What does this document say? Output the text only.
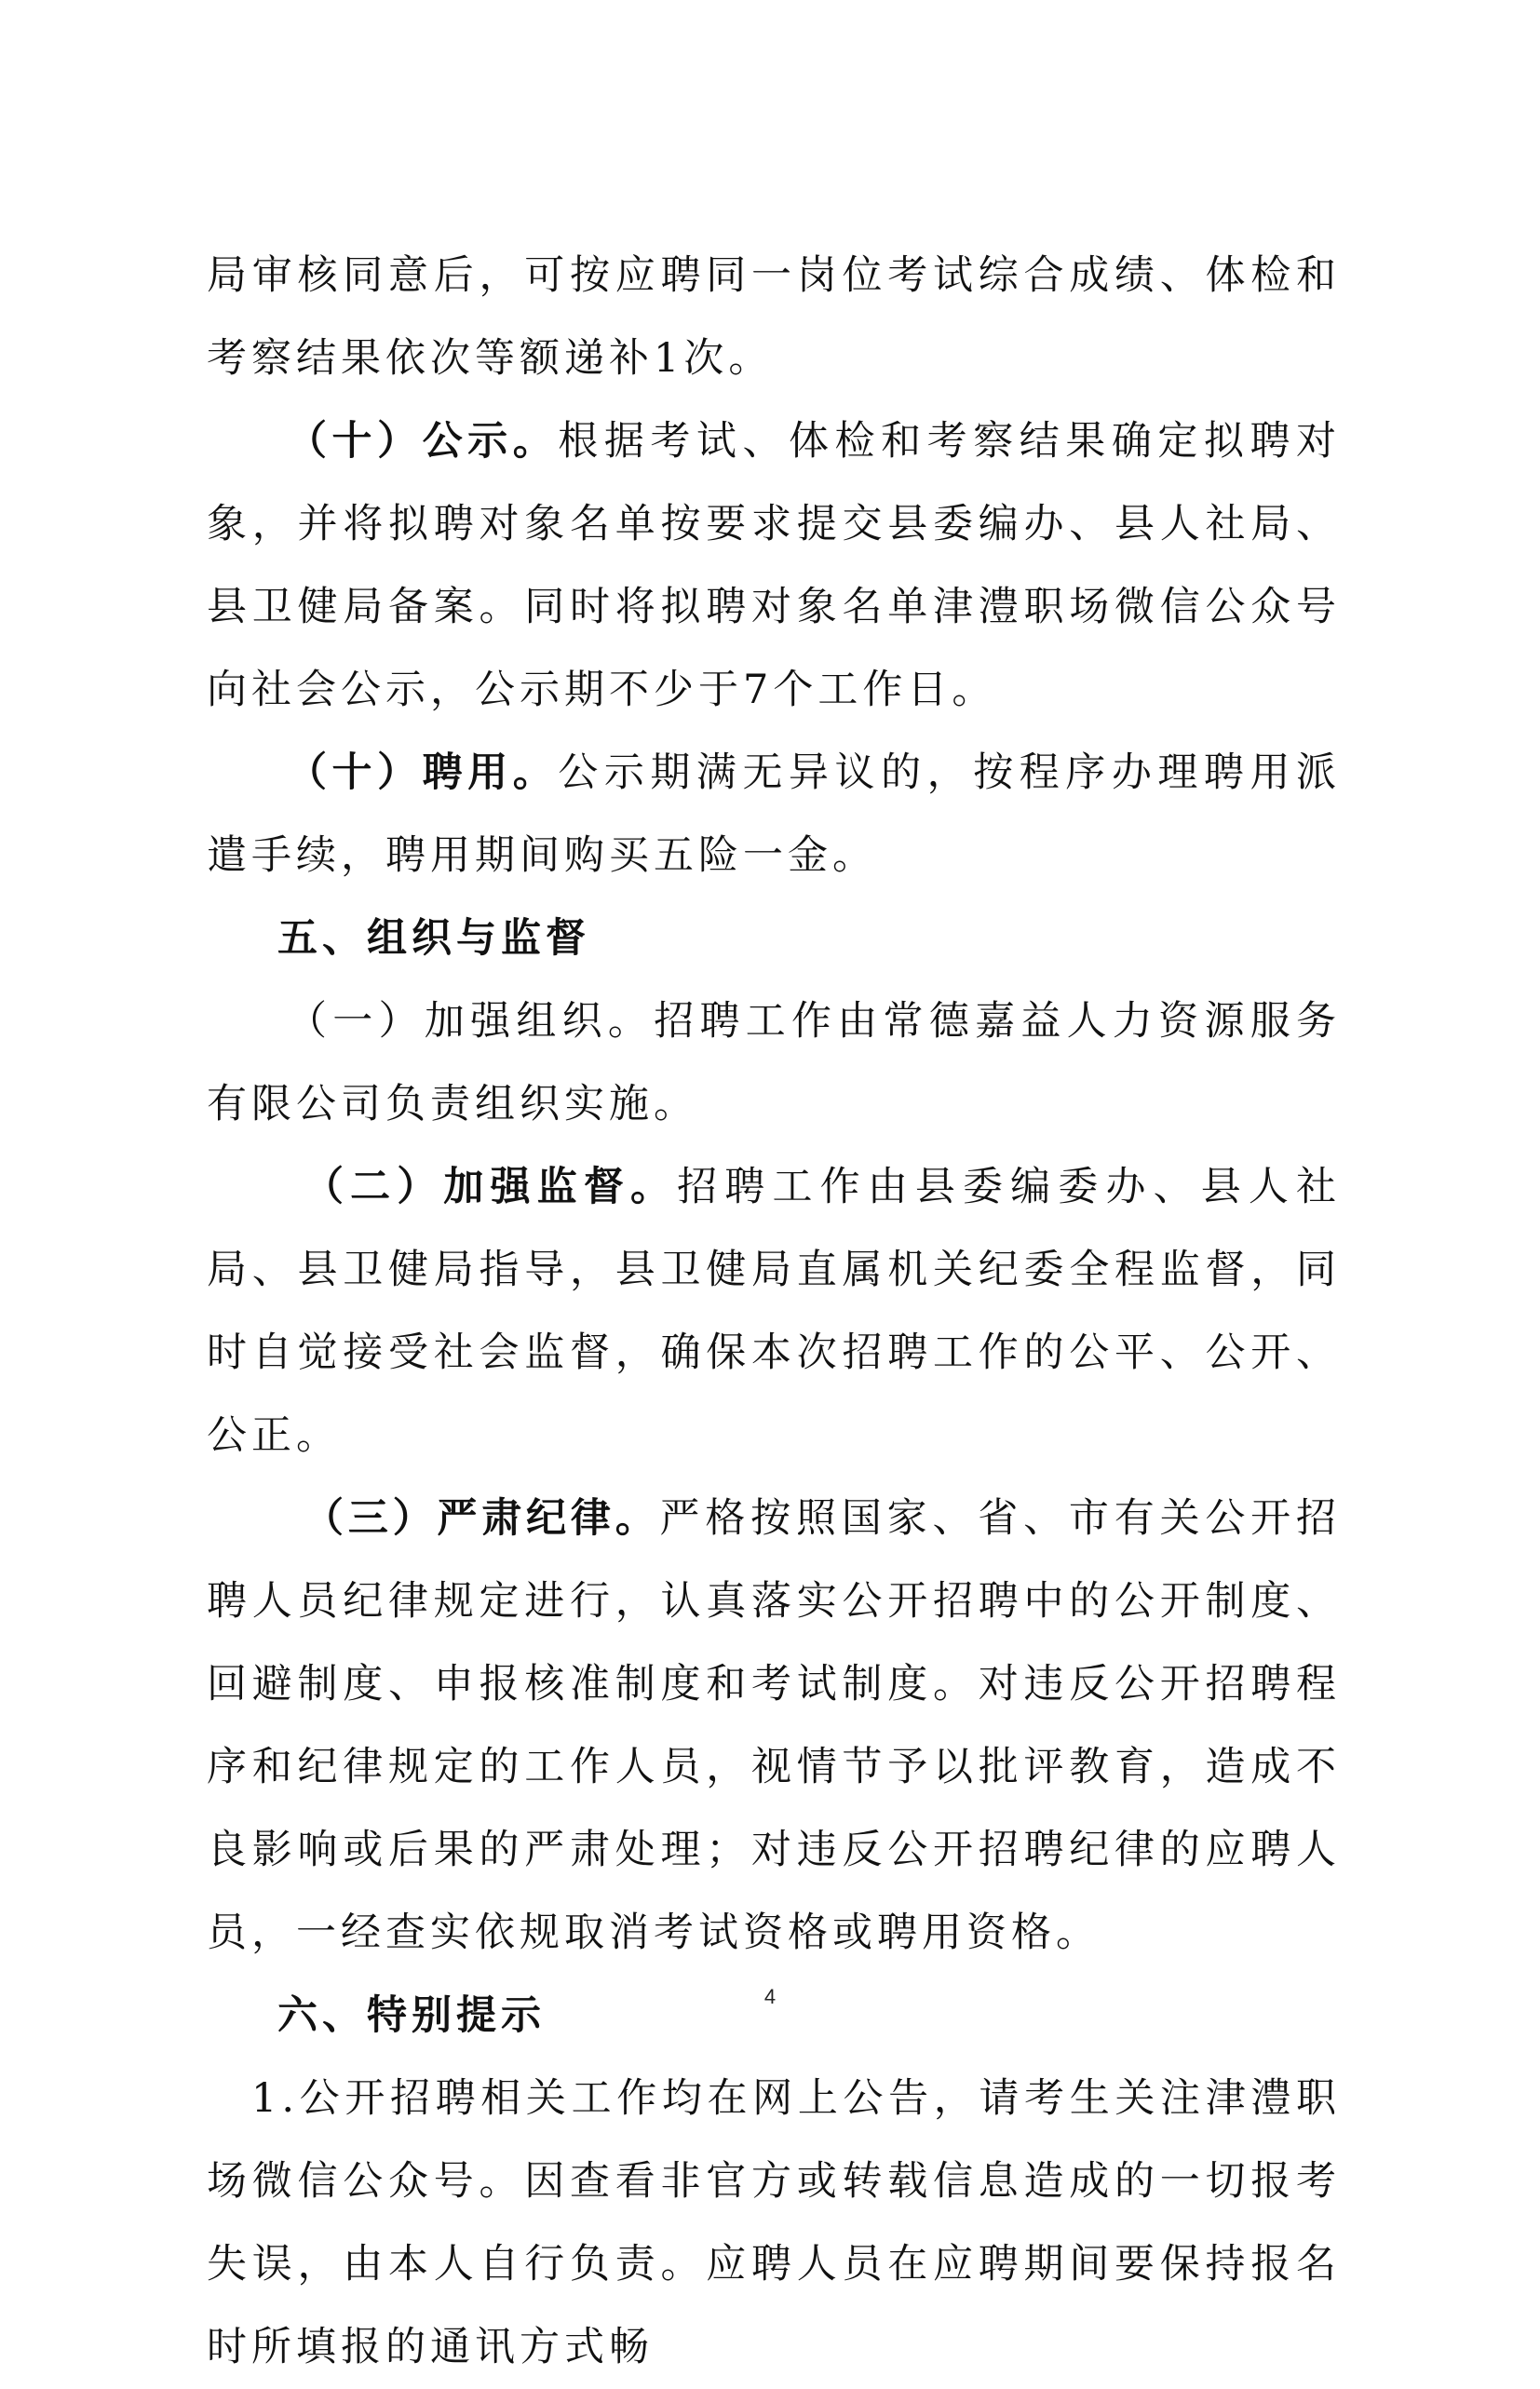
局审核同意后，可按应聘同一岗位考试综合成绩、体检和考察结果依次等额递补1次。

（十）公示。根据考试、体检和考察结果确定拟聘对象，并将拟聘对象名单按要求提交县委编办、县人社局、县卫健局备案。同时将拟聘对象名单津澧职场微信公众号向社会公示，公示期不少于7个工作日。

（十）聘用。公示期满无异议的，按程序办理聘用派遣手续，聘用期间购买五险一金。

五、组织与监督

（一）加强组织。招聘工作由常德嘉益人力资源服务有限公司负责组织实施。

（二）加强监督。招聘工作由县委编委办、县人社局、县卫健局指导，县卫健局直属机关纪委全程监督，同时自觉接受社会监督，确保本次招聘工作的公平、公开、公正。

（三）严肃纪律。严格按照国家、省、市有关公开招聘人员纪律规定进行，认真落实公开招聘中的公开制度、回避制度、申报核准制度和考试制度。对违反公开招聘程序和纪律规定的工作人员，视情节予以批评教育，造成不良影响或后果的严肃处理；对违反公开招聘纪律的应聘人员，一经查实依规取消考试资格或聘用资格。

六、特别提示

1.公开招聘相关工作均在网上公告，请考生关注津澧职场微信公众号。因查看非官方或转载信息造成的一切报考失误，由本人自行负责。应聘人员在应聘期间要保持报名时所填报的通讯方式畅

4
